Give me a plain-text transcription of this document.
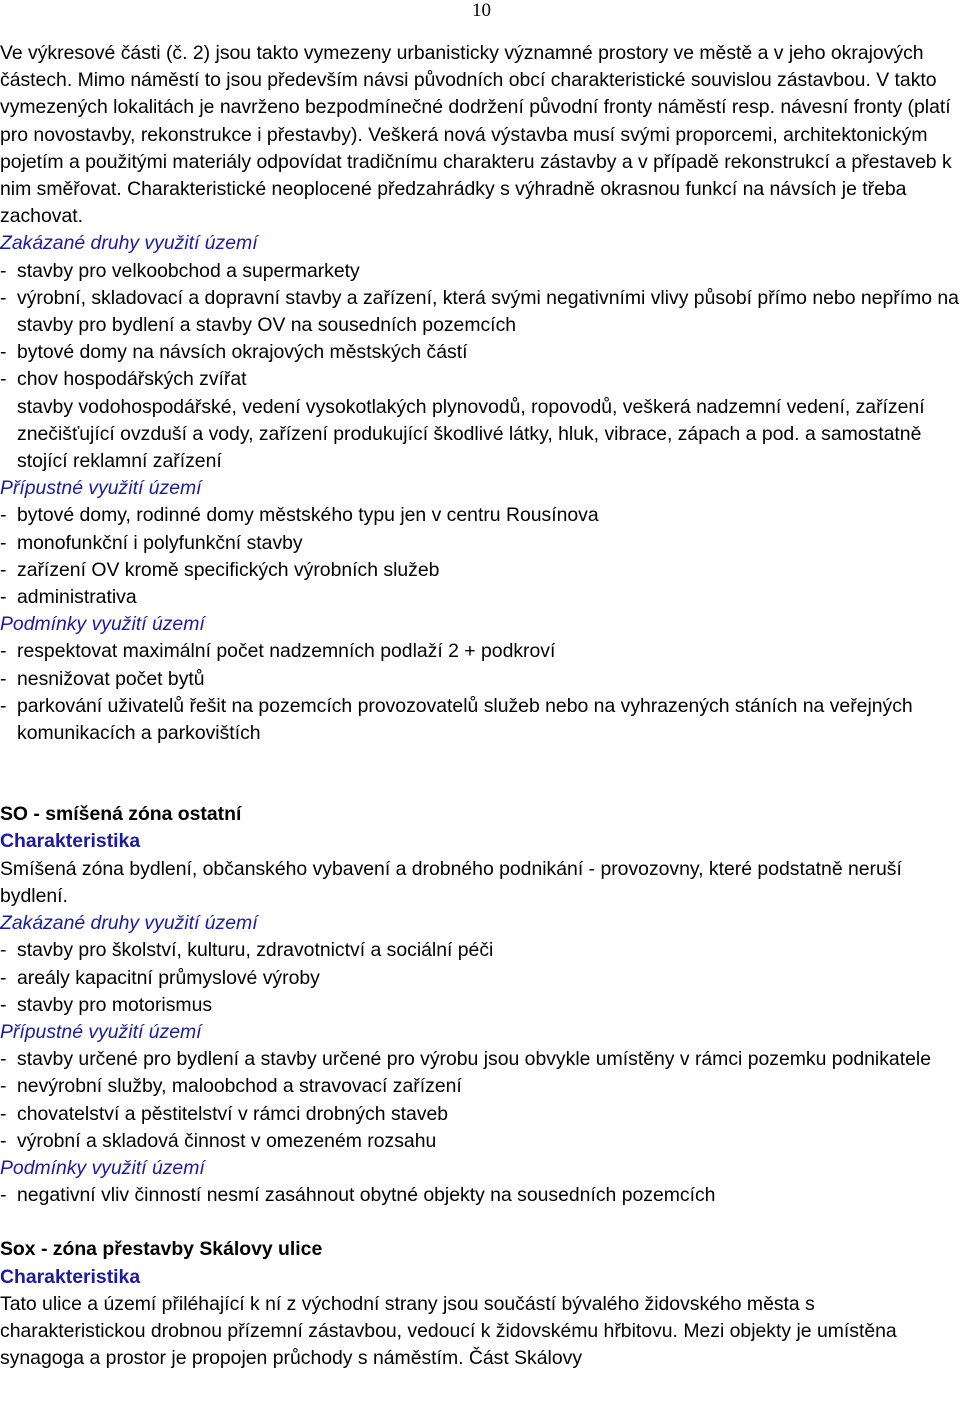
10

Ve výkresové části (č. 2) jsou takto vymezeny urbanisticky významné prostory ve městě a v jeho okrajových částech. Mimo náměstí to jsou především návsi původních obcí charakteristické souvislou zástavbou. V takto vymezených lokalitách je navrženo bezpodmínečné dodržení původní fronty náměstí resp. návesní fronty (platí pro novostavby, rekonstrukce i přestavby). Veškerá nová výstavba musí svými proporcemi, architektonickým pojetím a použitými materiály odpovídat tradičnímu charakteru zástavby a v případě rekonstrukcí a přestaveb k nim směřovat. Charakteristické neoplocené předzahrádky s výhradně okrasnou funkcí na návsích je třeba zachovat.

Zakázané druhy využití území

- stavby pro velkoobchod a supermarkety

- výrobní, skladovací a dopravní stavby a zařízení, která svými negativními vlivy působí přímo nebo nepřímo na stavby pro bydlení a stavby OV na sousedních pozemcích

- bytové domy na návsích okrajových městských částí

- chov hospodářských zvířat

stavby vodohospodářské, vedení vysokotlakých plynovodů, ropovodů, veškerá nadzemní vedení, zařízení znečišťující ovzduší a vody, zařízení produkující škodlivé látky, hluk, vibrace, zápach a pod. a samostatně stojící reklamní zařízení

Přípustné využití území

- bytové domy, rodinné domy městského typu jen v centru Rousínova

- monofunkční i polyfunkční stavby

- zařízení OV kromě specifických výrobních služeb

- administrativa

Podmínky využití území

- respektovat maximální počet nadzemních podlaží 2 + podkroví

- nesnižovat počet bytů

- parkování uživatelů řešit na pozemcích provozovatelů služeb nebo na vyhrazených stáních na veřejných komunikacích a parkovištích

SO - smíšená zóna ostatní

Charakteristika

Smíšená zóna bydlení, občanského vybavení a drobného podnikání - provozovny, které podstatně neruší bydlení.

Zakázané druhy využití území

- stavby pro školství, kulturu, zdravotnictví a sociální péči

- areály kapacitní průmyslové výroby

- stavby pro motorismus

Přípustné využití území

- stavby určené pro bydlení a stavby určené pro výrobu jsou obvykle umístěny v rámci pozemku podnikatele

- nevýrobní služby, maloobchod a stravovací zařízení

- chovatelství a pěstitelství v rámci drobných staveb

- výrobní a skladová činnost v omezeném rozsahu

Podmínky využití území

- negativní vliv činností nesmí zasáhnout obytné objekty na sousedních pozemcích

Sox - zóna přestavby Skálovy ulice

Charakteristika

Tato ulice a území přiléhající k ní z východní strany jsou součástí bývalého židovského města s charakteristickou drobnou přízemní zástavbou, vedoucí k židovskému hřbitovu. Mezi objekty je umístěna synagoga a prostor je propojen průchody s náměstím. Část Skálovy
